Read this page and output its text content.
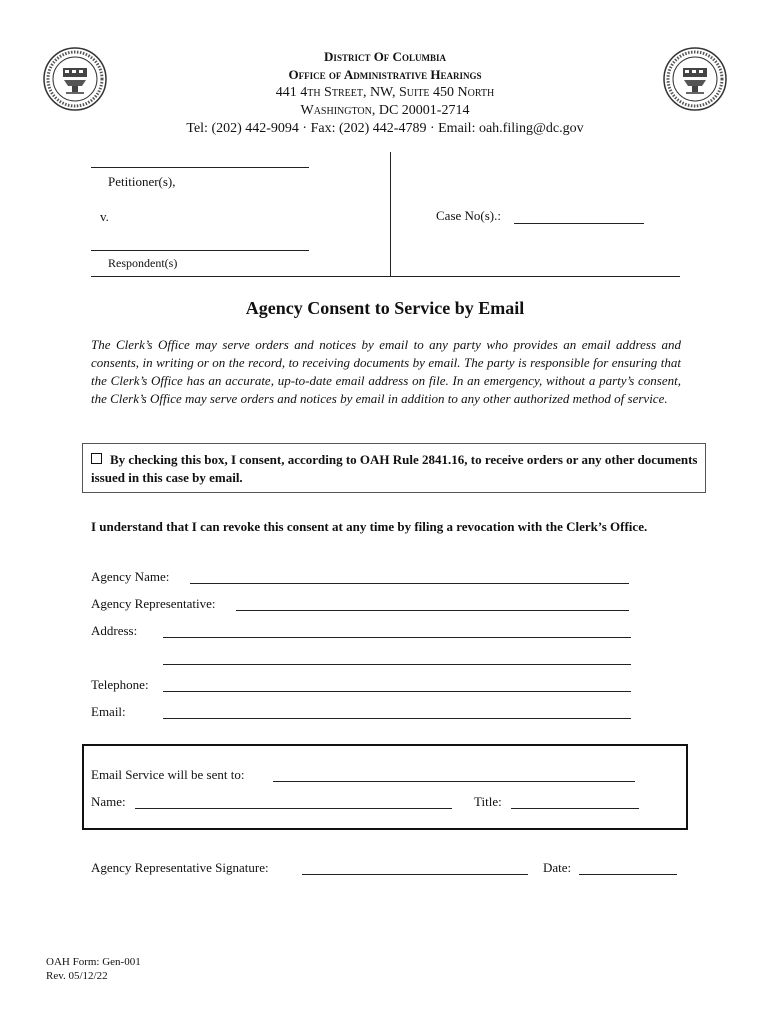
District Of Columbia
Office of Administrative Hearings
441 4th Street, NW, Suite 450 North
Washington, DC 20001-2714
Tel: (202) 442-9094 · Fax: (202) 442-4789 · Email: oah.filing@dc.gov
Petitioner(s),
v.
Respondent(s)
Case No(s).:
Agency Consent to Service by Email
The Clerk’s Office may serve orders and notices by email to any party who provides an email address and consents, in writing or on the record, to receiving documents by email. The party is responsible for ensuring that the Clerk’s Office has an accurate, up-to-date email address on file. In an emergency, without a party’s consent, the Clerk’s Office may serve orders and notices by email in addition to any other authorized method of service.
By checking this box, I consent, according to OAH Rule 2841.16, to receive orders or any other documents issued in this case by email.
I understand that I can revoke this consent at any time by filing a revocation with the Clerk’s Office.
Agency Name:
Agency Representative:
Address:
Telephone:
Email:
Email Service will be sent to:
Name:	Title:
Agency Representative Signature:	Date:
OAH Form: Gen-001
Rev. 05/12/22
